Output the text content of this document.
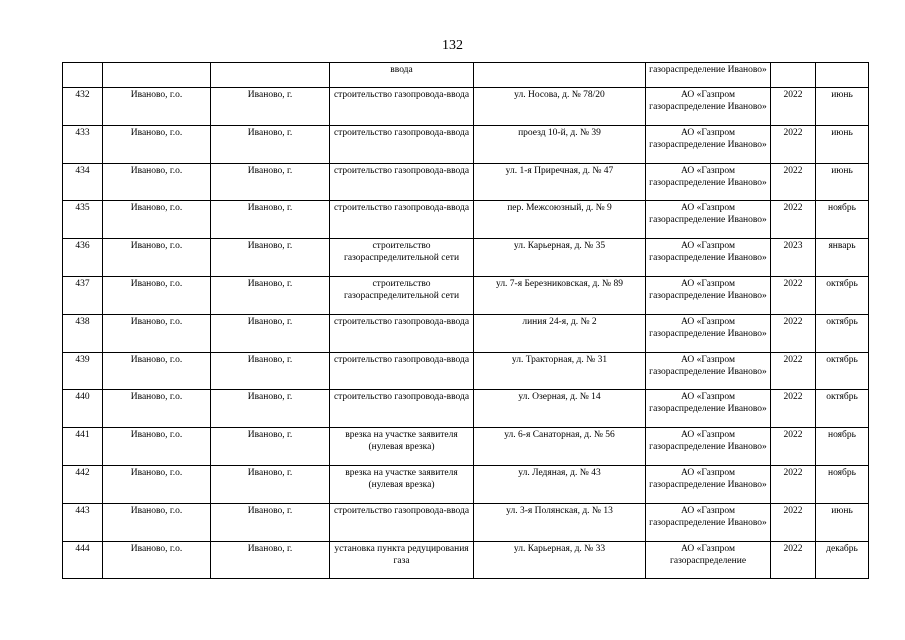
132
			ввода		газораспределение Иваново»		
432	Иваново, г.о.	Иваново, г.	строительство газопровода-ввода	ул. Носова, д. № 78/20	АО «Газпром газораспределение Иваново»	2022	июнь
433	Иваново, г.о.	Иваново, г.	строительство газопровода-ввода	проезд 10-й, д. № 39	АО «Газпром газораспределение Иваново»	2022	июнь
434	Иваново, г.о.	Иваново, г.	строительство газопровода-ввода	ул. 1-я Приречная, д. № 47	АО «Газпром газораспределение Иваново»	2022	июнь
435	Иваново, г.о.	Иваново, г.	строительство газопровода-ввода	пер. Межсоюзный, д. № 9	АО «Газпром газораспределение Иваново»	2022	ноябрь
436	Иваново, г.о.	Иваново, г.	строительство газораспределительной сети	ул. Карьерная, д. № 35	АО «Газпром газораспределение Иваново»	2023	январь
437	Иваново, г.о.	Иваново, г.	строительство газораспределительной сети	ул. 7-я Березниковская, д. № 89	АО «Газпром газораспределение Иваново»	2022	октябрь
438	Иваново, г.о.	Иваново, г.	строительство газопровода-ввода	линия 24-я, д. № 2	АО «Газпром газораспределение Иваново»	2022	октябрь
439	Иваново, г.о.	Иваново, г.	строительство газопровода-ввода	ул. Тракторная, д. № 31	АО «Газпром газораспределение Иваново»	2022	октябрь
440	Иваново, г.о.	Иваново, г.	строительство газопровода-ввода	ул. Озерная, д. № 14	АО «Газпром газораспределение Иваново»	2022	октябрь
441	Иваново, г.о.	Иваново, г.	врезка на участке заявителя (нулевая врезка)	ул. 6-я Санаторная, д. № 56	АО «Газпром газораспределение Иваново»	2022	ноябрь
442	Иваново, г.о.	Иваново, г.	врезка на участке заявителя (нулевая врезка)	ул. Ледяная, д. № 43	АО «Газпром газораспределение Иваново»	2022	ноябрь
443	Иваново, г.о.	Иваново, г.	строительство газопровода-ввода	ул. 3-я Полянская, д. № 13	АО «Газпром газораспределение Иваново»	2022	июнь
444	Иваново, г.о.	Иваново, г.	установка пункта редуцирования газа	ул. Карьерная, д. № 33	АО «Газпром газораспределение	2022	декабрь
